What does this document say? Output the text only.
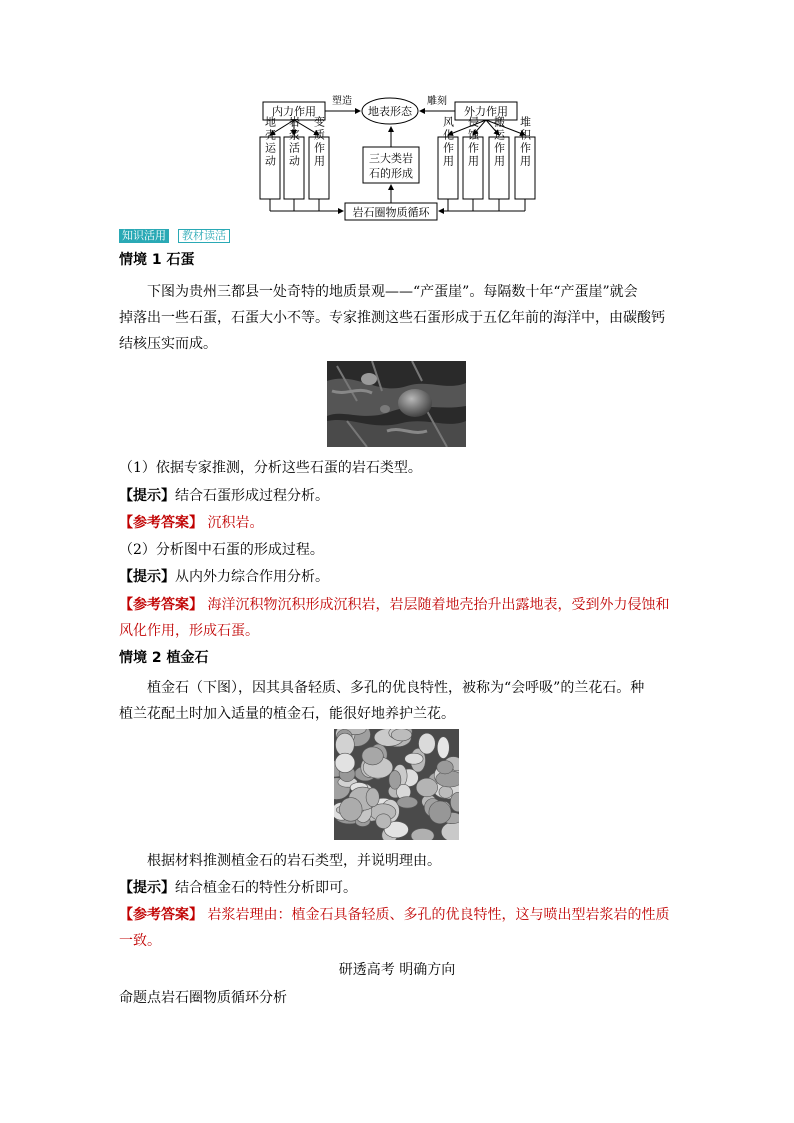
内力作用	外力作用
地表形态
塑造	雕刻
三大类岩
石的形成
岩石圈物质循环
地壳运动 岩浆活动 变质作用	风化作用 侵蚀作用 搬运作用 堆积作用
知识活用	教材读活
情境 1 石蛋
下图为贵州三都县一处奇特的地质景观——“产蛋崖”。每隔数十年“产蛋崖”就会
掉落出一些石蛋，石蛋大小不等。专家推测这些石蛋形成于五亿年前的海洋中，由碳酸钙
结核压实而成。
（1）依据专家推测，分析这些石蛋的岩石类型。
【提示】结合石蛋形成过程分析。
【参考答案】 沉积岩。
（2）分析图中石蛋的形成过程。
【提示】从内外力综合作用分析。
【参考答案】 海洋沉积物沉积形成沉积岩，岩层随着地壳抬升出露地表，受到外力侵蚀和
风化作用，形成石蛋。
情境 2 植金石
植金石（下图），因其具备轻质、多孔的优良特性，被称为“会呼吸”的兰花石。种
植兰花配土时加入适量的植金石，能很好地养护兰花。
根据材料推测植金石的岩石类型，并说明理由。
【提示】结合植金石的特性分析即可。
【参考答案】 岩浆岩理由：植金石具备轻质、多孔的优良特性，这与喷出型岩浆岩的性质
一致。
研透高考 明确方向
命题点岩石圈物质循环分析
